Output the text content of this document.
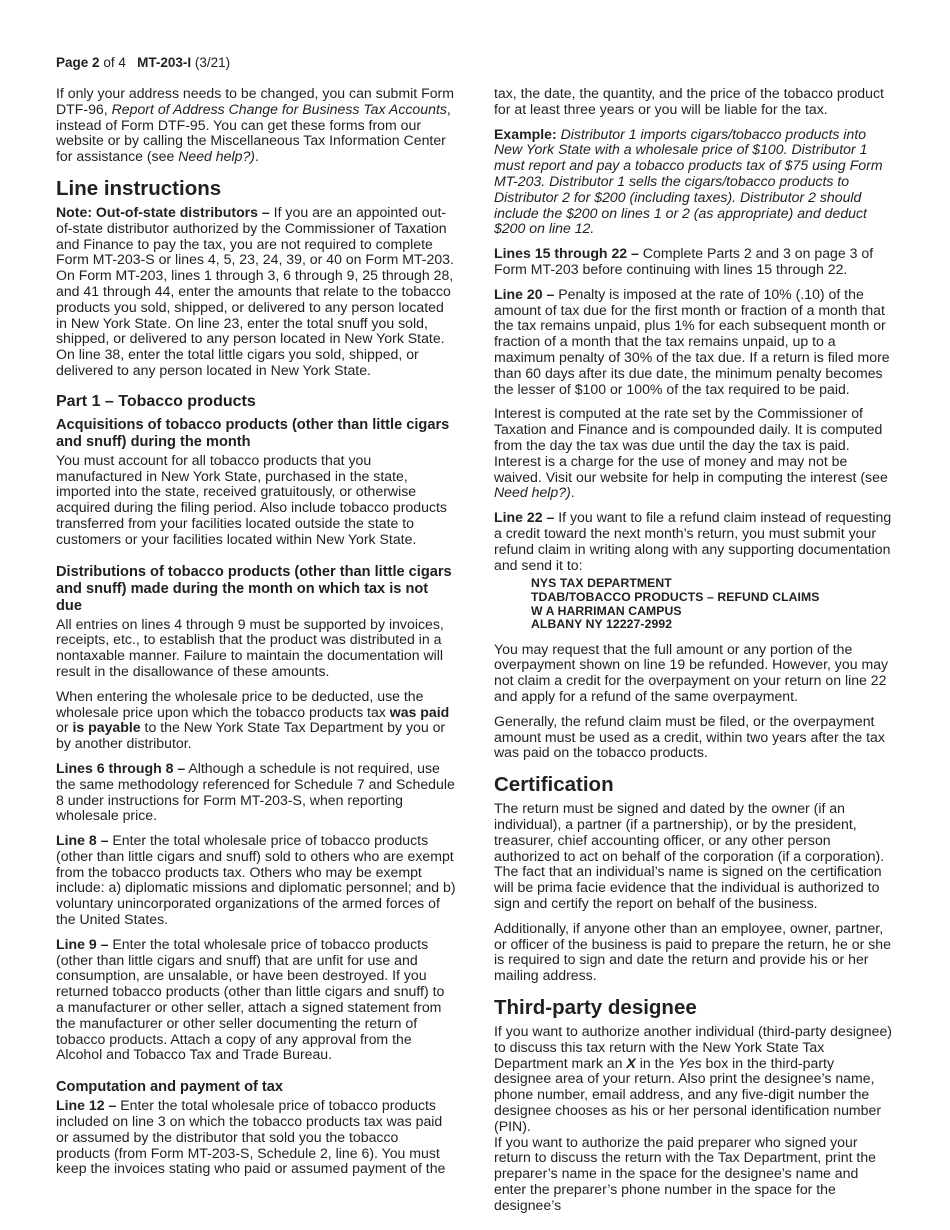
Page 2 of 4 MT-203-I (3/21)

If only your address needs to be changed, you can submit Form DTF-96, Report of Address Change for Business Tax Accounts, instead of Form DTF-95. You can get these forms from our website or by calling the Miscellaneous Tax Information Center for assistance (see Need help?).

Line instructions

Note: Out-of-state distributors – If you are an appointed out-of-state distributor authorized by the Commissioner of Taxation and Finance to pay the tax, you are not required to complete Form MT-203-S or lines 4, 5, 23, 24, 39, or 40 on Form MT-203. On Form MT-203, lines 1 through 3, 6 through 9, 25 through 28, and 41 through 44, enter the amounts that relate to the tobacco products you sold, shipped, or delivered to any person located in New York State. On line 23, enter the total snuff you sold, shipped, or delivered to any person located in New York State. On line 38, enter the total little cigars you sold, shipped, or delivered to any person located in New York State.

Part 1 – Tobacco products
Acquisitions of tobacco products (other than little cigars and snuff) during the month

You must account for all tobacco products that you manufactured in New York State, purchased in the state, imported into the state, received gratuitously, or otherwise acquired during the filing period. Also include tobacco products transferred from your facilities located outside the state to customers or your facilities located within New York State.

Distributions of tobacco products (other than little cigars and snuff) made during the month on which tax is not due

All entries on lines 4 through 9 must be supported by invoices, receipts, etc., to establish that the product was distributed in a nontaxable manner. Failure to maintain the documentation will result in the disallowance of these amounts.

When entering the wholesale price to be deducted, use the wholesale price upon which the tobacco products tax was paid or is payable to the New York State Tax Department by you or by another distributor.

Lines 6 through 8 – Although a schedule is not required, use the same methodology referenced for Schedule 7 and Schedule 8 under instructions for Form MT-203-S, when reporting wholesale price.

Line 8 – Enter the total wholesale price of tobacco products (other than little cigars and snuff) sold to others who are exempt from the tobacco products tax. Others who may be exempt include: a) diplomatic missions and diplomatic personnel; and b) voluntary unincorporated organizations of the armed forces of the United States.

Line 9 – Enter the total wholesale price of tobacco products (other than little cigars and snuff) that are unfit for use and consumption, are unsalable, or have been destroyed. If you returned tobacco products (other than little cigars and snuff) to a manufacturer or other seller, attach a signed statement from the manufacturer or other seller documenting the return of tobacco products. Attach a copy of any approval from the Alcohol and Tobacco Tax and Trade Bureau.

Computation and payment of tax

Line 12 – Enter the total wholesale price of tobacco products included on line 3 on which the tobacco products tax was paid or assumed by the distributor that sold you the tobacco products (from Form MT-203-S, Schedule 2, line 6). You must keep the invoices stating who paid or assumed payment of the

tax, the date, the quantity, and the price of the tobacco product for at least three years or you will be liable for the tax.

Example: Distributor 1 imports cigars/tobacco products into New York State with a wholesale price of $100. Distributor 1 must report and pay a tobacco products tax of $75 using Form MT-203. Distributor 1 sells the cigars/tobacco products to Distributor 2 for $200 (including taxes). Distributor 2 should include the $200 on lines 1 or 2 (as appropriate) and deduct $200 on line 12.

Lines 15 through 22 – Complete Parts 2 and 3 on page 3 of Form MT-203 before continuing with lines 15 through 22.

Line 20 – Penalty is imposed at the rate of 10% (.10) of the amount of tax due for the first month or fraction of a month that the tax remains unpaid, plus 1% for each subsequent month or fraction of a month that the tax remains unpaid, up to a maximum penalty of 30% of the tax due. If a return is filed more than 60 days after its due date, the minimum penalty becomes the lesser of $100 or 100% of the tax required to be paid.

Interest is computed at the rate set by the Commissioner of Taxation and Finance and is compounded daily. It is computed from the day the tax was due until the day the tax is paid. Interest is a charge for the use of money and may not be waived. Visit our website for help in computing the interest (see Need help?).

Line 22 – If you want to file a refund claim instead of requesting a credit toward the next month’s return, you must submit your refund claim in writing along with any supporting documentation and send it to:

NYS TAX DEPARTMENT
TDAB/TOBACCO PRODUCTS – REFUND CLAIMS
W A HARRIMAN CAMPUS
ALBANY NY 12227-2992

You may request that the full amount or any portion of the overpayment shown on line 19 be refunded. However, you may not claim a credit for the overpayment on your return on line 22 and apply for a refund of the same overpayment.

Generally, the refund claim must be filed, or the overpayment amount must be used as a credit, within two years after the tax was paid on the tobacco products.

Certification

The return must be signed and dated by the owner (if an individual), a partner (if a partnership), or by the president, treasurer, chief accounting officer, or any other person authorized to act on behalf of the corporation (if a corporation). The fact that an individual’s name is signed on the certification will be prima facie evidence that the individual is authorized to sign and certify the report on behalf of the business.

Additionally, if anyone other than an employee, owner, partner, or officer of the business is paid to prepare the return, he or she is required to sign and date the return and provide his or her mailing address.

Third-party designee

If you want to authorize another individual (third-party designee) to discuss this tax return with the New York State Tax Department mark an X in the Yes box in the third-party designee area of your return. Also print the designee’s name, phone number, email address, and any five-digit number the designee chooses as his or her personal identification number (PIN).

If you want to authorize the paid preparer who signed your return to discuss the return with the Tax Department, print the preparer’s name in the space for the designee’s name and enter the preparer’s phone number in the space for the designee’s
